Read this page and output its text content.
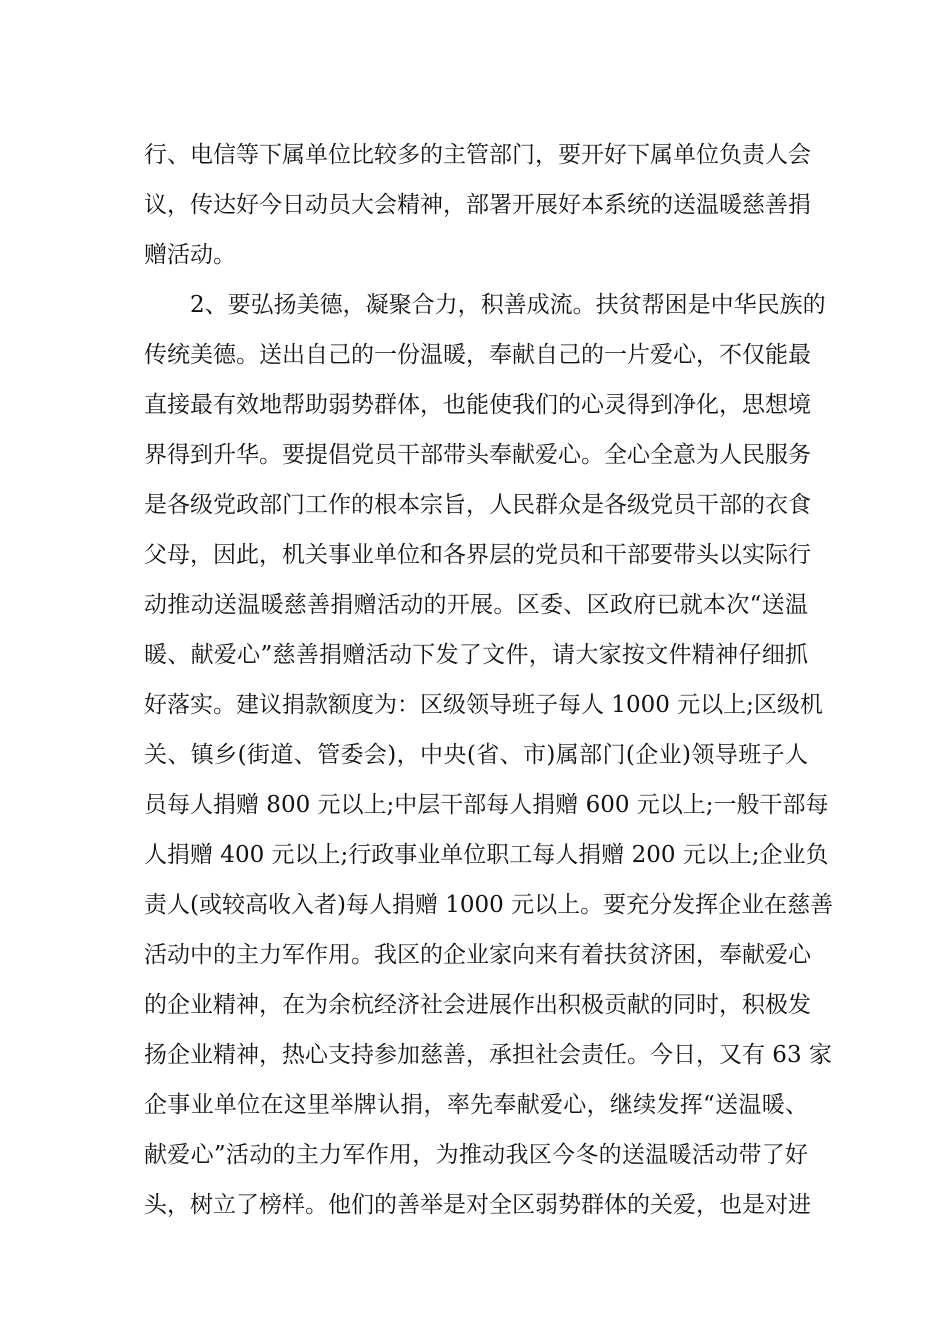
行、电信等下属单位比较多的主管部门，要开好下属单位负责人会
议，传达好今日动员大会精神，部署开展好本系统的送温暖慈善捐
赠活动。
2、要弘扬美德，凝聚合力，积善成流。扶贫帮困是中华民族的
传统美德。送出自己的一份温暖，奉献自己的一片爱心，不仅能最
直接最有效地帮助弱势群体，也能使我们的心灵得到净化，思想境
界得到升华。要提倡党员干部带头奉献爱心。全心全意为人民服务
是各级党政部门工作的根本宗旨，人民群众是各级党员干部的衣食
父母，因此，机关事业单位和各界层的党员和干部要带头以实际行
动推动送温暖慈善捐赠活动的开展。区委、区政府已就本次“送温
暖、献爱心”慈善捐赠活动下发了文件，请大家按文件精神仔细抓
好落实。建议捐款额度为：区级领导班子每人 1000 元以上;区级机
关、镇乡(街道、管委会)，中央(省、市)属部门(企业)领导班子人
员每人捐赠 800 元以上;中层干部每人捐赠 600 元以上;一般干部每
人捐赠 400 元以上;行政事业单位职工每人捐赠 200 元以上;企业负
责人(或较高收入者)每人捐赠 1000 元以上。要充分发挥企业在慈善
活动中的主力军作用。我区的企业家向来有着扶贫济困，奉献爱心
的企业精神，在为余杭经济社会进展作出积极贡献的同时，积极发
扬企业精神，热心支持参加慈善，承担社会责任。今日，又有 63 家
企事业单位在这里举牌认捐，率先奉献爱心，继续发挥“送温暖、
献爱心”活动的主力军作用，为推动我区今冬的送温暖活动带了好
头，树立了榜样。他们的善举是对全区弱势群体的关爱，也是对进
